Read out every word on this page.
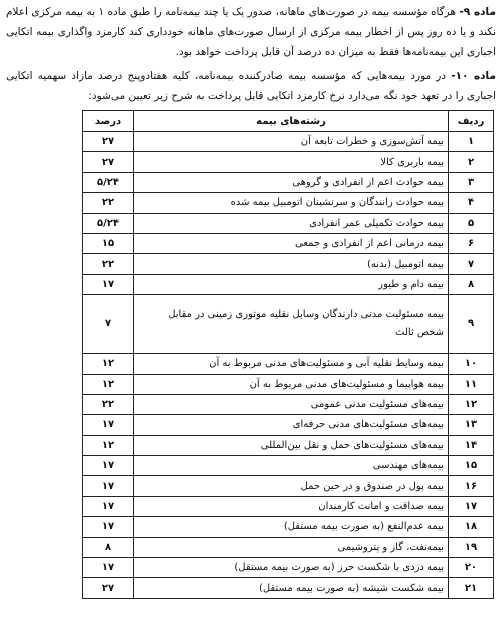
ماده ۹- هرگاه مؤسسه بیمه در صورت‌های ماهانه، صدور یک یا چند بیمه‌نامه را طبق ماده ۱ به بیمه مرکزی اعلام نکند و یا ده روز پس از اخطار بیمه مرکزی از ارسال صورت‌های ماهانه خودداری کند کارمزد واگذاری بیمه اتکایی اجباری این بیمه‌نامه‌ها فقط به میزان ده درصد آن قابل پرداخت خواهد بود.
ماده ۱۰- در مورد بیمه‌هایی که مؤسسه بیمه صادرکننده بیمه‌نامه، کلیه هفتادوپنج درصد مازاد سهمیه اتکایی اجباری را در تعهد خود نگه می‌دارد نرخ کارمزد اتکایی قابل پرداخت به شرح زیر تعیین می‌شود:
ردیف	رشته‌های بیمه	درصد
۱	بیمه آتش‌سوزی و خطرات تابعه آن	۲۷
۲	بیمه باربری کالا	۲۷
۳	بیمه حوادث اعم از انفرادی و گروهی	۵/۲۴
۴	بیمه حوادث رانندگان و سرنشینان اتومبیل بیمه شده	۲۲
۵	بیمه حوادث تکمیلی عمر انفرادی	۵/۲۴
۶	بیمه درمانی اعم از انفرادی و جمعی	۱۵
۷	بیمه اتومبیل (بدنه)	۲۲
۸	بیمه دام و طیور	۱۷
۹	بیمه مسئولیت مدنی دارندگان وسایل نقلیه موتوری زمینی در مقابل شخص ثالث	۷
۱۰	بیمه وسایط نقلیه آبی و مسئولیت‌های مدنی مربوط به آن	۱۲
۱۱	بیمه هواپیما و مسئولیت‌های مدنی مربوط به آن	۱۲
۱۲	بیمه‌های مسئولیت مدنی عمومی	۲۲
۱۳	بیمه‌های مسئولیت‌های مدنی حرفه‌ای	۱۷
۱۴	بیمه‌های مسئولیت‌های حمل و نقل بین‌المللی	۱۲
۱۵	بیمه‌های مهندسی	۱۷
۱۶	بیمه پول در صندوق و در حین حمل	۱۷
۱۷	بیمه صداقت و امانت کارمندان	۱۷
۱۸	بیمه عدم‌النفع (به صورت بیمه مستقل)	۱۷
۱۹	بیمه‌نفت، گاز و پتروشیمی	۸
۲۰	بیمه دزدی با شکست حرز (به صورت بیمه مستقل)	۱۷
۲۱	بیمه شکست شیشه (به صورت بیمه مستقل)	۲۷
